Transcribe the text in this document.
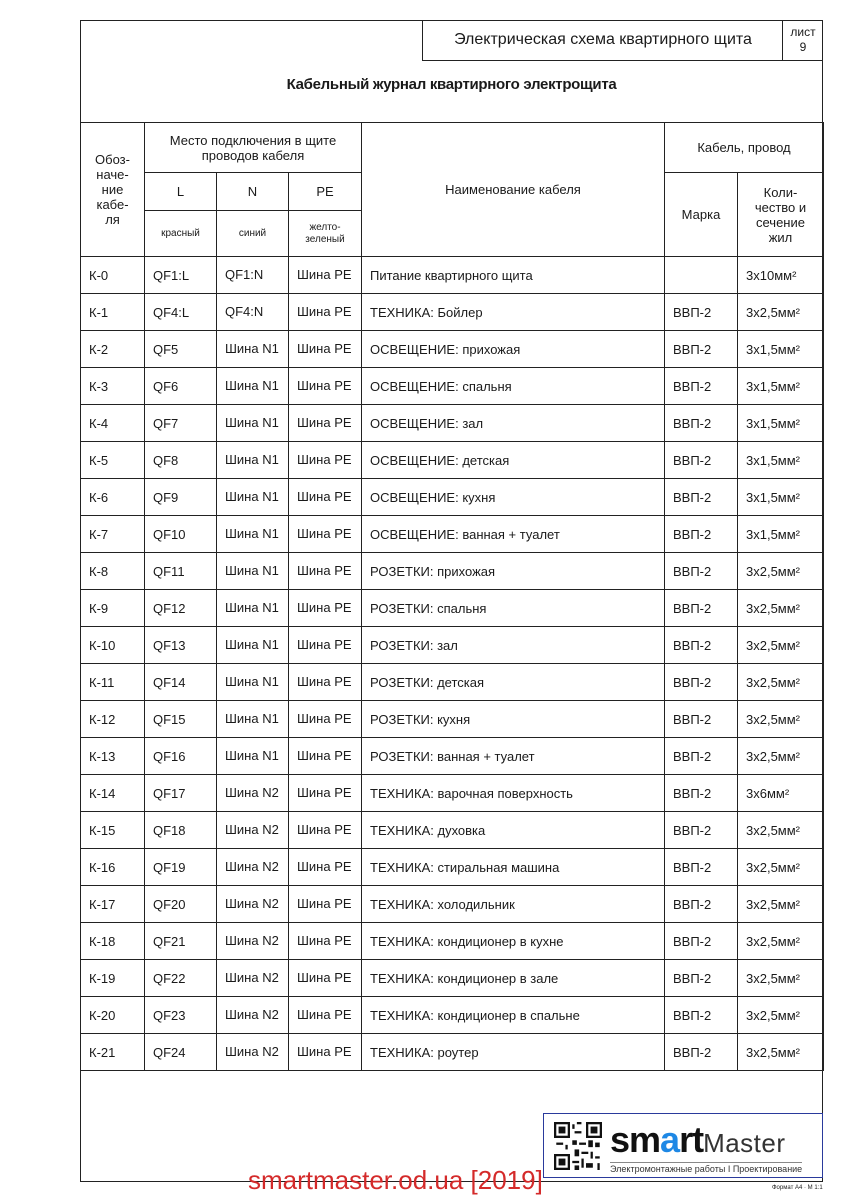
Электрическая схема квартирного щита	лист
9
Кабельный журнал квартирного электрощита
Обоз- наче- ние кабе- ля	Место подключения в щите проводов кабеля			Наименование кабеля	Кабель, провод	
	L	N	PE		Марка	Коли- чество и сечение жил
	красный	синий	желто- зеленый			
К-0	QF1:L	QF1:N	Шина PE	Питание квартирного щита		3х10мм²
К-1	QF4:L	QF4:N	Шина PE	ТЕХНИКА: Бойлер	ВВП-2	3х2,5мм²
К-2	QF5	Шина N1	Шина PE	ОСВЕЩЕНИЕ: прихожая	ВВП-2	3х1,5мм²
К-3	QF6	Шина N1	Шина PE	ОСВЕЩЕНИЕ: спальня	ВВП-2	3х1,5мм²
К-4	QF7	Шина N1	Шина PE	ОСВЕЩЕНИЕ: зал	ВВП-2	3х1,5мм²
К-5	QF8	Шина N1	Шина PE	ОСВЕЩЕНИЕ: детская	ВВП-2	3х1,5мм²
К-6	QF9	Шина N1	Шина PE	ОСВЕЩЕНИЕ: кухня	ВВП-2	3х1,5мм²
К-7	QF10	Шина N1	Шина PE	ОСВЕЩЕНИЕ: ванная + туалет	ВВП-2	3х1,5мм²
К-8	QF11	Шина N1	Шина PE	РОЗЕТКИ: прихожая	ВВП-2	3х2,5мм²
К-9	QF12	Шина N1	Шина PE	РОЗЕТКИ: спальня	ВВП-2	3х2,5мм²
К-10	QF13	Шина N1	Шина PE	РОЗЕТКИ: зал	ВВП-2	3х2,5мм²
К-11	QF14	Шина N1	Шина PE	РОЗЕТКИ: детская	ВВП-2	3х2,5мм²
К-12	QF15	Шина N1	Шина PE	РОЗЕТКИ: кухня	ВВП-2	3х2,5мм²
К-13	QF16	Шина N1	Шина PE	РОЗЕТКИ: ванная + туалет	ВВП-2	3х2,5мм²
К-14	QF17	Шина N2	Шина PE	ТЕХНИКА: варочная поверхность	ВВП-2	3х6мм²
К-15	QF18	Шина N2	Шина PE	ТЕХНИКА: духовка	ВВП-2	3х2,5мм²
К-16	QF19	Шина N2	Шина PE	ТЕХНИКА: стиральная машина	ВВП-2	3х2,5мм²
К-17	QF20	Шина N2	Шина PE	ТЕХНИКА: холодильник	ВВП-2	3х2,5мм²
К-18	QF21	Шина N2	Шина PE	ТЕХНИКА: кондиционер в кухне	ВВП-2	3х2,5мм²
К-19	QF22	Шина N2	Шина PE	ТЕХНИКА: кондиционер в зале	ВВП-2	3х2,5мм²
К-20	QF23	Шина N2	Шина PE	ТЕХНИКА: кондиционер в спальне	ВВП-2	3х2,5мм²
К-21	QF24	Шина N2	Шина PE	ТЕХНИКА: роутер	ВВП-2	3х2,5мм²
smartMaster
Электромонтажные работы I Проектирование
smartmaster.od.ua [2019]	Формат А4 · М 1:1
